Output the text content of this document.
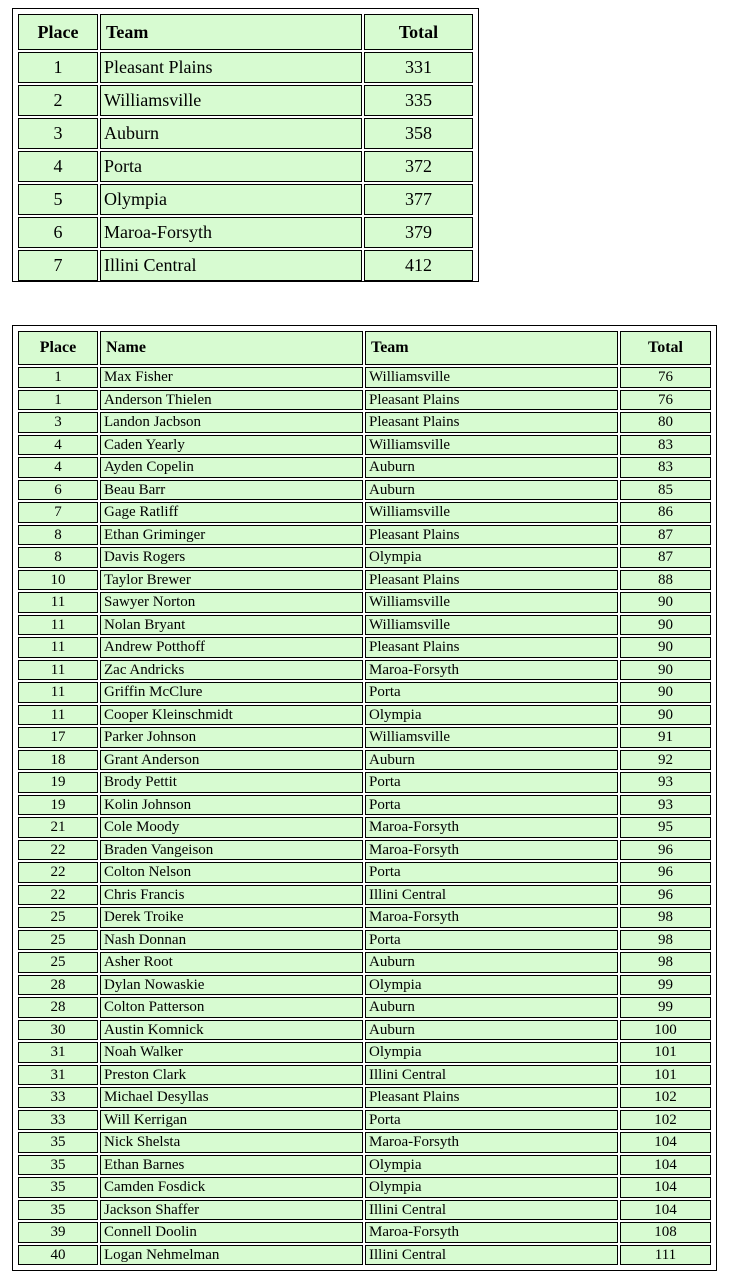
Place	Team	Total
1	Pleasant Plains	331
2	Williamsville	335
3	Auburn	358
4	Porta	372
5	Olympia	377
6	Maroa-Forsyth	379
7	Illini Central	412
Place	Name	Team	Total
1	Max Fisher	Williamsville	76
1	Anderson Thielen	Pleasant Plains	76
3	Landon Jacbson	Pleasant Plains	80
4	Caden Yearly	Williamsville	83
4	Ayden Copelin	Auburn	83
6	Beau Barr	Auburn	85
7	Gage Ratliff	Williamsville	86
8	Ethan Griminger	Pleasant Plains	87
8	Davis Rogers	Olympia	87
10	Taylor Brewer	Pleasant Plains	88
11	Sawyer Norton	Williamsville	90
11	Nolan Bryant	Williamsville	90
11	Andrew Potthoff	Pleasant Plains	90
11	Zac Andricks	Maroa-Forsyth	90
11	Griffin McClure	Porta	90
11	Cooper Kleinschmidt	Olympia	90
17	Parker Johnson	Williamsville	91
18	Grant Anderson	Auburn	92
19	Brody Pettit	Porta	93
19	Kolin Johnson	Porta	93
21	Cole Moody	Maroa-Forsyth	95
22	Braden Vangeison	Maroa-Forsyth	96
22	Colton Nelson	Porta	96
22	Chris Francis	Illini Central	96
25	Derek Troike	Maroa-Forsyth	98
25	Nash Donnan	Porta	98
25	Asher Root	Auburn	98
28	Dylan Nowaskie	Olympia	99
28	Colton Patterson	Auburn	99
30	Austin Komnick	Auburn	100
31	Noah Walker	Olympia	101
31	Preston Clark	Illini Central	101
33	Michael Desyllas	Pleasant Plains	102
33	Will Kerrigan	Porta	102
35	Nick Shelsta	Maroa-Forsyth	104
35	Ethan Barnes	Olympia	104
35	Camden Fosdick	Olympia	104
35	Jackson Shaffer	Illini Central	104
39	Connell Doolin	Maroa-Forsyth	108
40	Logan Nehmelman	Illini Central	111
